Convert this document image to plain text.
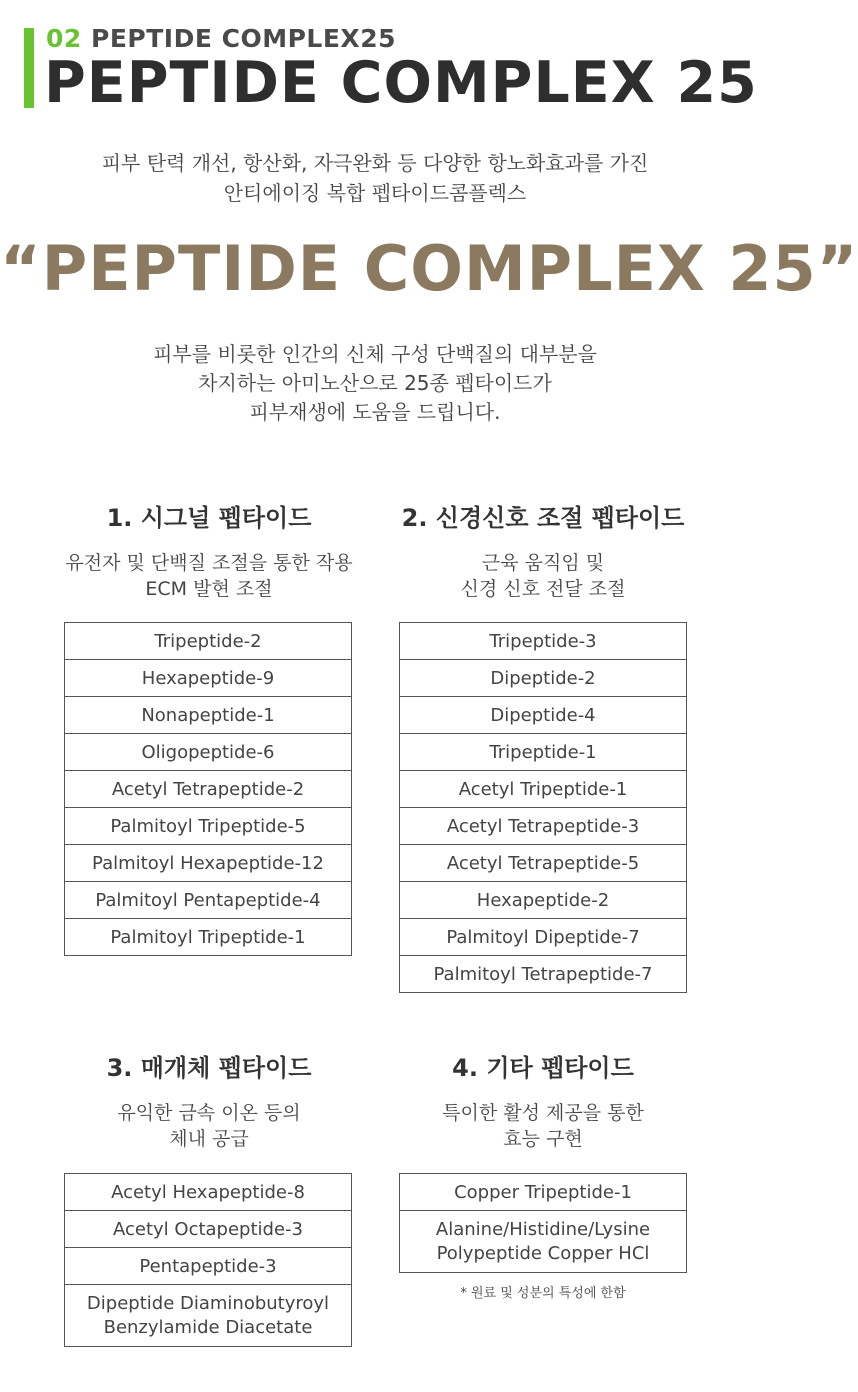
02 PEPTIDE COMPLEX25
PEPTIDE COMPLEX 25
피부 탄력 개선, 항산화, 자극완화 등 다양한 항노화효과를 가진
안티에이징 복합 펩타이드콤플렉스
“PEPTIDE COMPLEX 25”
피부를 비롯한 인간의 신체 구성 단백질의 대부분을
차지하는 아미노산으로 25종 펩타이드가
피부재생에 도움을 드립니다.
1. 시그널 펩타이드
유전자 및 단백질 조절을 통한 작용
ECM 발현 조절
Tripeptide-2
Hexapeptide-9
Nonapeptide-1
Oligopeptide-6
Acetyl Tetrapeptide-2
Palmitoyl Tripeptide-5
Palmitoyl Hexapeptide-12
Palmitoyl Pentapeptide-4
Palmitoyl Tripeptide-1
2. 신경신호 조절 펩타이드
근육 움직임 및
신경 신호 전달 조절
Tripeptide-3
Dipeptide-2
Dipeptide-4
Tripeptide-1
Acetyl Tripeptide-1
Acetyl Tetrapeptide-3
Acetyl Tetrapeptide-5
Hexapeptide-2
Palmitoyl Dipeptide-7
Palmitoyl Tetrapeptide-7
3. 매개체 펩타이드
유익한 금속 이온 등의
체내 공급
Acetyl Hexapeptide-8
Acetyl Octapeptide-3
Pentapeptide-3
Dipeptide Diaminobutyroyl
Benzylamide Diacetate
4. 기타 펩타이드
특이한 활성 제공을 통한
효능 구현
Copper Tripeptide-1
Alanine/Histidine/Lysine
Polypeptide Copper HCl
* 원료 및 성분의 특성에 한함
